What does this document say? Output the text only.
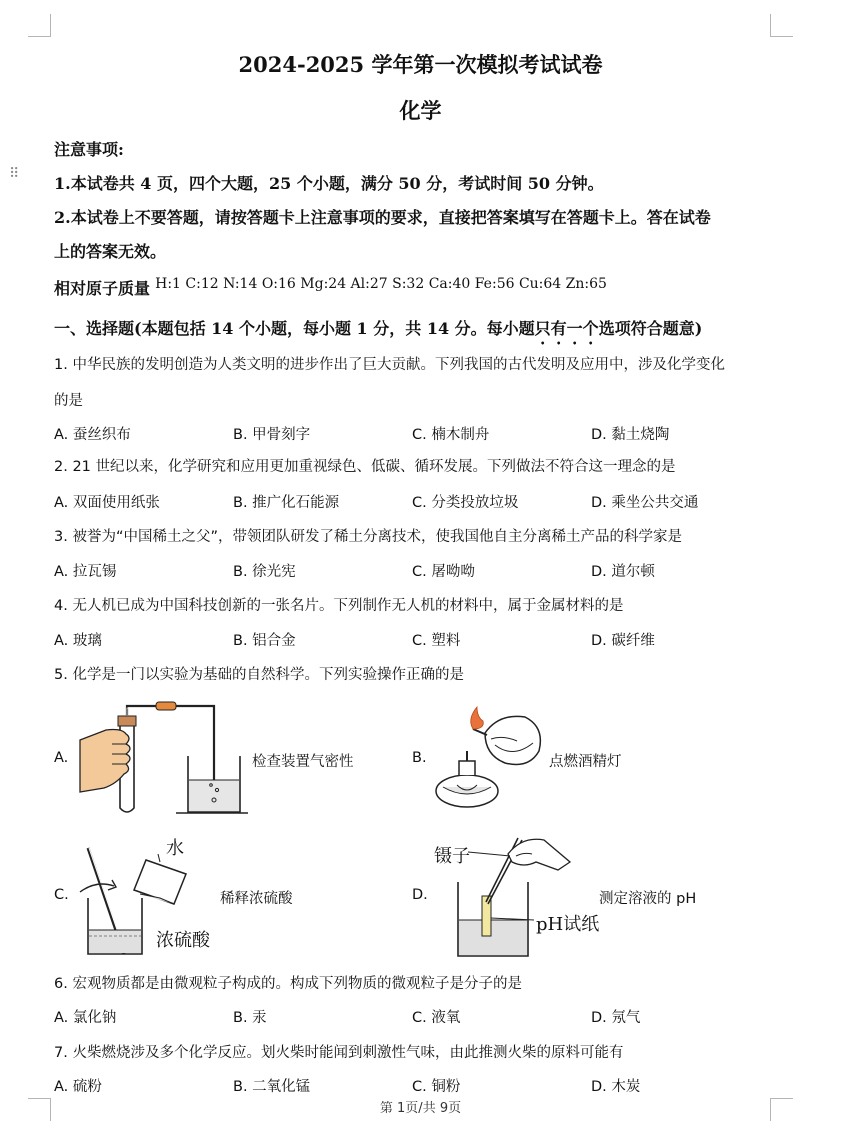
⠿
2024-2025 学年第一次模拟考试试卷
化学
注意事项:
1.本试卷共 4 页，四个大题，25 个小题，满分 50 分，考试时间 50 分钟。
2.本试卷上不要答题，请按答题卡上注意事项的要求，直接把答案填写在答题卡上。答在试卷
上的答案无效。
相对原子质量 H:1 C:12 N:14 O:16 Mg:24 Al:27 S:32 Ca:40 Fe:56 Cu:64 Zn:65
一、选择题(本题包括 14 个小题，每小题 1 分，共 14 分。每小题只有一个选项符合题意)
1. 中华民族的发明创造为人类文明的进步作出了巨大贡献。下列我国的古代发明及应用中，涉及化学变化
的是
A. 蚕丝织布	B. 甲骨刻字	C. 楠木制舟	D. 黏土烧陶
2. 21 世纪以来，化学研究和应用更加重视绿色、低碳、循环发展。下列做法不符合这一理念的是
A. 双面使用纸张	B. 推广化石能源	C. 分类投放垃圾	D. 乘坐公共交通
3. 被誉为“中国稀土之父”，带领团队研发了稀土分离技术，使我国他自主分离稀土产品的科学家是
A. 拉瓦锡	B. 徐光宪	C. 屠呦呦	D. 道尔顿
4. 无人机已成为中国科技创新的一张名片。下列制作无人机的材料中，属于金属材料的是
A. 玻璃	B. 铝合金	C. 塑料	D. 碳纤维
5. 化学是一门以实验为基础的自然科学。下列实验操作正确的是
A.	检查装置气密性	B.	点燃酒精灯
C.
水
浓硫酸
稀释浓硫酸	D.
镊子
pH试纸
测定溶液的 pH
6. 宏观物质都是由微观粒子构成的。构成下列物质的微观粒子是分子的是
A. 氯化钠	B. 汞	C. 液氧	D. 氖气
7. 火柴燃烧涉及多个化学反应。划火柴时能闻到刺激性气味，由此推测火柴的原料可能有
A. 硫粉	B. 二氧化锰	C. 铜粉	D. 木炭
第 1页/共 9页
